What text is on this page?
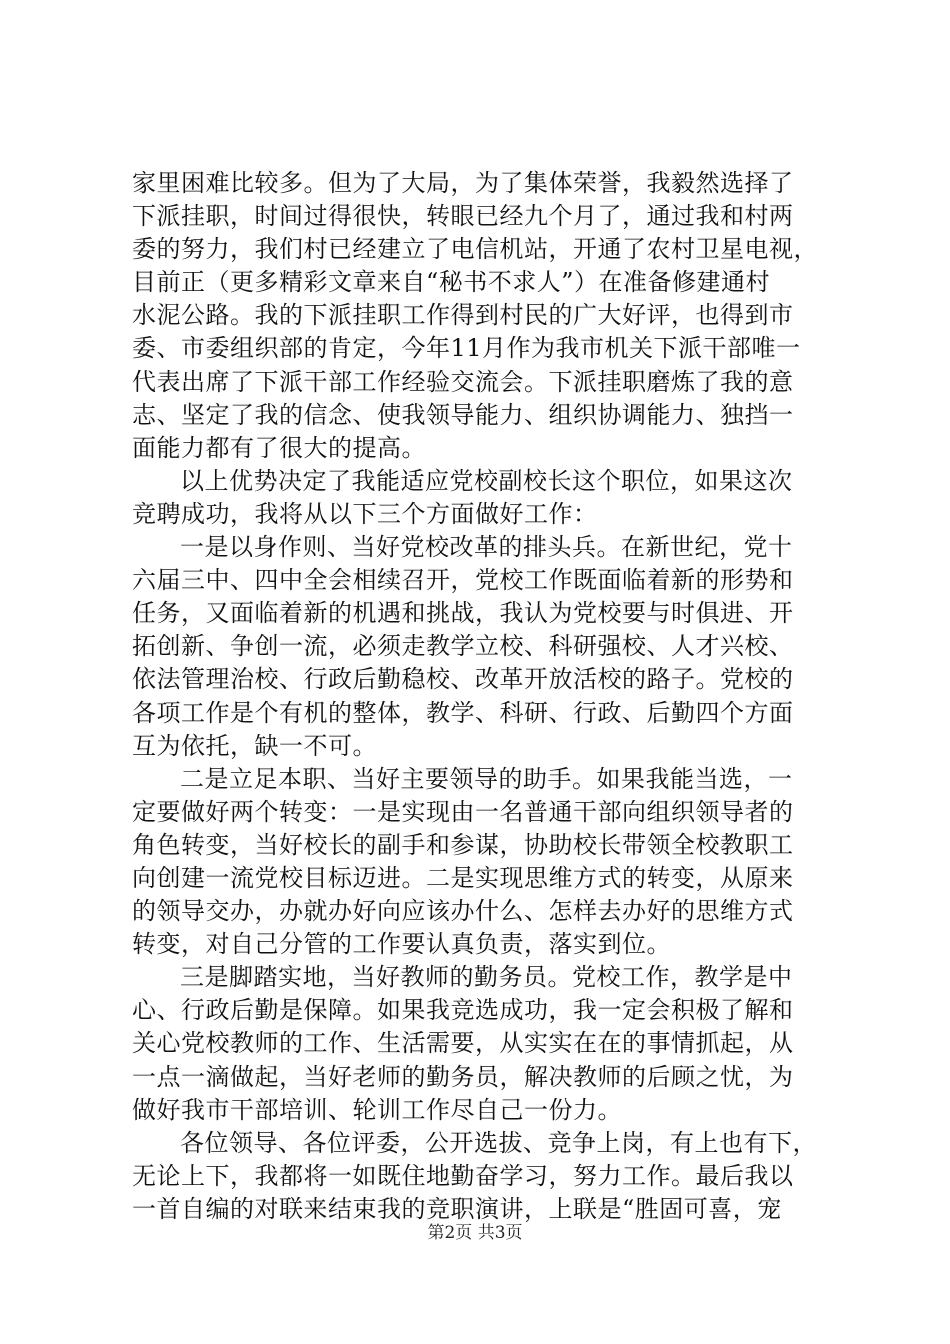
家里困难比较多。但为了大局，为了集体荣誉，我毅然选择了
下派挂职，时间过得很快，转眼已经九个月了，通过我和村两
委的努力，我们村已经建立了电信机站，开通了农村卫星电视，
目前正（更多精彩文章来自“秘书不求人”）在准备修建通村
水泥公路。我的下派挂职工作得到村民的广大好评，也得到市
委、市委组织部的肯定，今年11月作为我市机关下派干部唯一
代表出席了下派干部工作经验交流会。下派挂职磨炼了我的意
志、坚定了我的信念、使我领导能力、组织协调能力、独挡一
面能力都有了很大的提高。
以上优势决定了我能适应党校副校长这个职位，如果这次
竞聘成功，我将从以下三个方面做好工作：
一是以身作则、当好党校改革的排头兵。在新世纪，党十
六届三中、四中全会相续召开，党校工作既面临着新的形势和
任务，又面临着新的机遇和挑战，我认为党校要与时俱进、开
拓创新、争创一流，必须走教学立校、科研强校、人才兴校、
依法管理治校、行政后勤稳校、改革开放活校的路子。党校的
各项工作是个有机的整体，教学、科研、行政、后勤四个方面
互为依托，缺一不可。
二是立足本职、当好主要领导的助手。如果我能当选，一
定要做好两个转变：一是实现由一名普通干部向组织领导者的
角色转变，当好校长的副手和参谋，协助校长带领全校教职工
向创建一流党校目标迈进。二是实现思维方式的转变，从原来
的领导交办，办就办好向应该办什么、怎样去办好的思维方式
转变，对自己分管的工作要认真负责，落实到位。
三是脚踏实地，当好教师的勤务员。党校工作，教学是中
心、行政后勤是保障。如果我竞选成功，我一定会积极了解和
关心党校教师的工作、生活需要，从实实在在的事情抓起，从
一点一滴做起，当好老师的勤务员，解决教师的后顾之忧，为
做好我市干部培训、轮训工作尽自己一份力。
各位领导、各位评委，公开选拔、竞争上岗，有上也有下，
无论上下，我都将一如既住地勤奋学习，努力工作。最后我以
一首自编的对联来结束我的竞职演讲，上联是“胜固可喜，宠
第2页 共3页
